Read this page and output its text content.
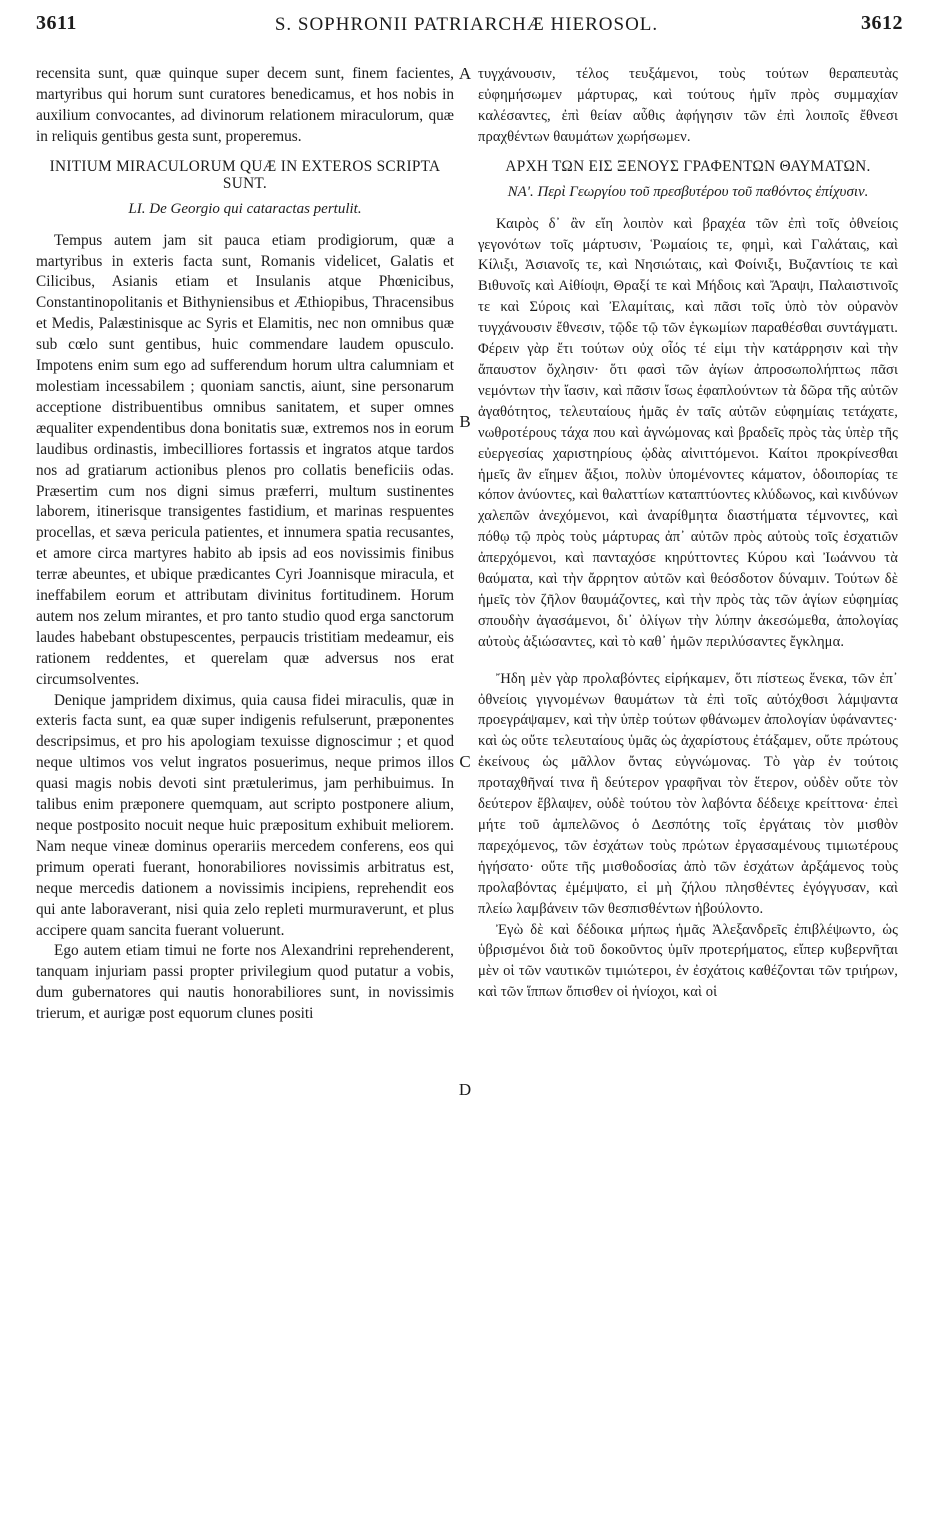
3611	S. SOPHRONII PATRIARCHÆ HIEROSOL.	3612
A
B
C
D

recensita sunt, quæ quinque super decem sunt, finem facientes, martyribus qui horum sunt curatores benedicamus, et hos nobis in auxilium convocantes, ad divinorum relationem miraculorum, quæ in reliquis gentibus gesta sunt, properemus.

INITIUM MIRACULORUM QUÆ IN EXTEROS SCRIPTA SUNT.

LI. De Georgio qui cataractas pertulit.

Tempus autem jam sit pauca etiam prodigiorum, quæ a martyribus in exteris facta sunt, Romanis videlicet, Galatis et Cilicibus, Asianis etiam et Insulanis atque Phœnicibus, Constantinopolitanis et Bithyniensibus et Æthiopibus, Thracensibus et Medis, Palæstinisque ac Syris et Elamitis, nec non omnibus quæ sub cœlo sunt gentibus, huic commendare laudem opusculo. Impotens enim sum ego ad sufferendum horum ultra calumniam et molestiam incessabilem ; quoniam sanctis, aiunt, sine personarum acceptione distribuentibus omnibus sanitatem, et super omnes æqualiter expendentibus dona bonitatis suæ, extremos nos in eorum laudibus ordinastis, imbecilliores fortassis et ingratos atque tardos nos ad gratiarum actionibus plenos pro collatis beneficiis odas. Præsertim cum nos digni simus præferri, multum sustinentes laborem, itinerisque transigentes fastidium, et marinas respuentes procellas, et sæva pericula patientes, et innumera spatia recusantes, et amore circa martyres habito ab ipsis ad eos novissimis finibus terræ abeuntes, et ubique prædicantes Cyri Joannisque miracula, et ineffabilem eorum et attributam divinitus fortitudinem. Horum autem nos zelum mirantes, et pro tanto studio quod erga sanctorum laudes habebant obstupescentes, perpaucis tristitiam medeamur, eis rationem reddentes, et querelam quæ adversus nos erat circumsolventes.

Denique jampridem diximus, quia causa fidei miraculis, quæ in exteris facta sunt, ea quæ super indigenis refulserunt, præponentes descripsimus, et pro his apologiam texuisse dignoscimur ; et quod neque ultimos vos velut ingratos posuerimus, neque primos illos quasi magis nobis devoti sint prætulerimus, jam perhibuimus. In talibus enim præponere quemquam, aut scripto postponere alium, neque postposito nocuit neque huic præpositum exhibuit meliorem. Nam neque vineæ dominus operariis mercedem conferens, eos qui primum operati fuerant, honorabiliores novissimis arbitratus est, neque mercedis dationem a novissimis incipiens, reprehendit eos qui ante laboraverant, nisi quia zelo repleti murmuraverunt, et plus accipere quam sancita fuerant voluerunt.

Ego autem etiam timui ne forte nos Alexandrini reprehenderent, tanquam injuriam passi propter privilegium quod putatur a vobis, dum gubernatores qui nautis honorabiliores sunt, in novissimis trierum, et aurigæ post equorum clunes positi

τυγχάνουσιν, τέλος τευξάμενοι, τοὺς τούτων θεραπευτὰς εὐφημήσωμεν μάρτυρας, καὶ τούτους ἡμῖν πρὸς συμμαχίαν καλέσαντες, ἐπὶ θείαν αὖθις ἀφήγησιν τῶν ἐπὶ λοιποῖς ἔθνεσι πραχθέντων θαυμάτων χωρήσωμεν.

ΑΡΧΗ ΤΩΝ ΕΙΣ ΞΕΝΟΥΣ ΓΡΑΦΕΝΤΩΝ ΘΑΥΜΑΤΩΝ.

ΝΑʹ. Περὶ Γεωργίου τοῦ πρεσβυτέρου τοῦ παθόντος ἐπίχυσιν.

Καιρὸς δ᾽ ἂν εἴη λοιπὸν καὶ βραχέα τῶν ἐπὶ τοῖς ὀθνείοις γεγονότων τοῖς μάρτυσιν, Ῥωμαίοις τε, φημὶ, καὶ Γαλάταις, καὶ Κίλιξι, Ἀσιανοῖς τε, καὶ Νησιώταις, καὶ Φοίνιξι, Βυζαντίοις τε καὶ Βιθυνοῖς καὶ Αἰθίοψι, Θραξί τε καὶ Μήδοις καὶ Ἄραψι, Παλαιστινοῖς τε καὶ Σύροις καὶ Ἐλαμίταις, καὶ πᾶσι τοῖς ὑπὸ τὸν οὐρανὸν τυγχάνουσιν ἔθνεσιν, τῷδε τῷ τῶν ἐγκωμίων παραθέσθαι συντάγματι. Φέρειν γὰρ ἔτι τούτων οὐχ οἷός τέ εἰμι τὴν κατάρρησιν καὶ τὴν ἄπαυστον ὄχλησιν· ὅτι φασὶ τῶν ἁγίων ἀπροσωπολήπτως πᾶσι νεμόντων τὴν ἴασιν, καὶ πᾶσιν ἴσως ἐφαπλούντων τὰ δῶρα τῆς αὐτῶν ἀγαθότητος, τελευταίους ἡμᾶς ἐν ταῖς αὐτῶν εὐφημίαις τετάχατε, νωθροτέρους τάχα που καὶ ἀγνώμονας καὶ βραδεῖς πρὸς τὰς ὑπὲρ τῆς εὐεργεσίας χαριστηρίους ᾠδὰς αἰνιττόμενοι. Καίτοι προκρίνεσθαι ἡμεῖς ἂν εἴημεν ἄξιοι, πολὺν ὑπομένοντες κάματον, ὁδοιπορίας τε κόπον ἀνύοντες, καὶ θαλαττίων καταπτύοντες κλύδωνος, καὶ κινδύνων χαλεπῶν ἀνεχόμενοι, καὶ ἀναρίθμητα διαστήματα τέμνοντες, καὶ πόθῳ τῷ πρὸς τοὺς μάρτυρας ἀπ᾽ αὐτῶν πρὸς αὐτοὺς τοῖς ἐσχατιῶν ἀπερχόμενοι, καὶ πανταχόσε κηρύττοντες Κύρου καὶ Ἰωάννου τὰ θαύματα, καὶ τὴν ἄρρητον αὐτῶν καὶ θεόσδοτον δύναμιν. Τούτων δὲ ἡμεῖς τὸν ζῆλον θαυμάζοντες, καὶ τὴν πρὸς τὰς τῶν ἁγίων εὐφημίας σπουδὴν ἀγασάμενοι, δι᾽ ὀλίγων τὴν λύπην ἀκεσώμεθα, ἀπολογίας αὐτοὺς ἀξιώσαντες, καὶ τὸ καθ᾽ ἡμῶν περιλύσαντες ἔγκλημα.

Ἤδη μὲν γὰρ προλαβόντες εἰρήκαμεν, ὅτι πίστεως ἕνεκα, τῶν ἐπ᾽ ὀθνείοις γιγνομένων θαυμάτων τὰ ἐπὶ τοῖς αὐτόχθοσι λάμψαντα προεγράψαμεν, καὶ τὴν ὑπὲρ τούτων φθάνωμεν ἀπολογίαν ὑφάναντες· καὶ ὡς οὔτε τελευταίους ὑμᾶς ὡς ἀχαρίστους ἐτάξαμεν, οὔτε πρώτους ἐκείνους ὡς μᾶλλον ὄντας εὐγνώμονας. Τὸ γὰρ ἐν τούτοις προταχθῆναί τινα ἢ δεύτερον γραφῆναι τὸν ἕτερον, οὐδὲν οὔτε τὸν δεύτερον ἔβλαψεν, οὐδὲ τούτου τὸν λαβόντα δέδειχε κρείττονα· ἐπεὶ μήτε τοῦ ἀμπελῶνος ὁ Δεσπότης τοῖς ἐργάταις τὸν μισθὸν παρεχόμενος, τῶν ἐσχάτων τοὺς πρώτων ἐργασαμένους τιμιωτέρους ἡγήσατο· οὔτε τῆς μισθοδοσίας ἀπὸ τῶν ἐσχάτων ἀρξάμενος τοὺς προλαβόντας ἐμέμψατο, εἰ μὴ ζήλου πλησθέντες ἐγόγγυσαν, καὶ πλείω λαμβάνειν τῶν θεσπισθέντων ἠβούλοντο.

Ἐγὼ δὲ καὶ δέδοικα μήπως ἡμᾶς Ἀλεξανδρεῖς ἐπιβλέψωντο, ὡς ὑβρισμένοι διὰ τοῦ δοκοῦντος ὑμῖν προτερήματος, εἴπερ κυβερνῆται μὲν οἱ τῶν ναυτικῶν τιμιώτεροι, ἐν ἐσχάτοις καθέζονται τῶν τριήρων, καὶ τῶν ἵππων ὄπισθεν οἱ ἡνίοχοι, καὶ οἱ
